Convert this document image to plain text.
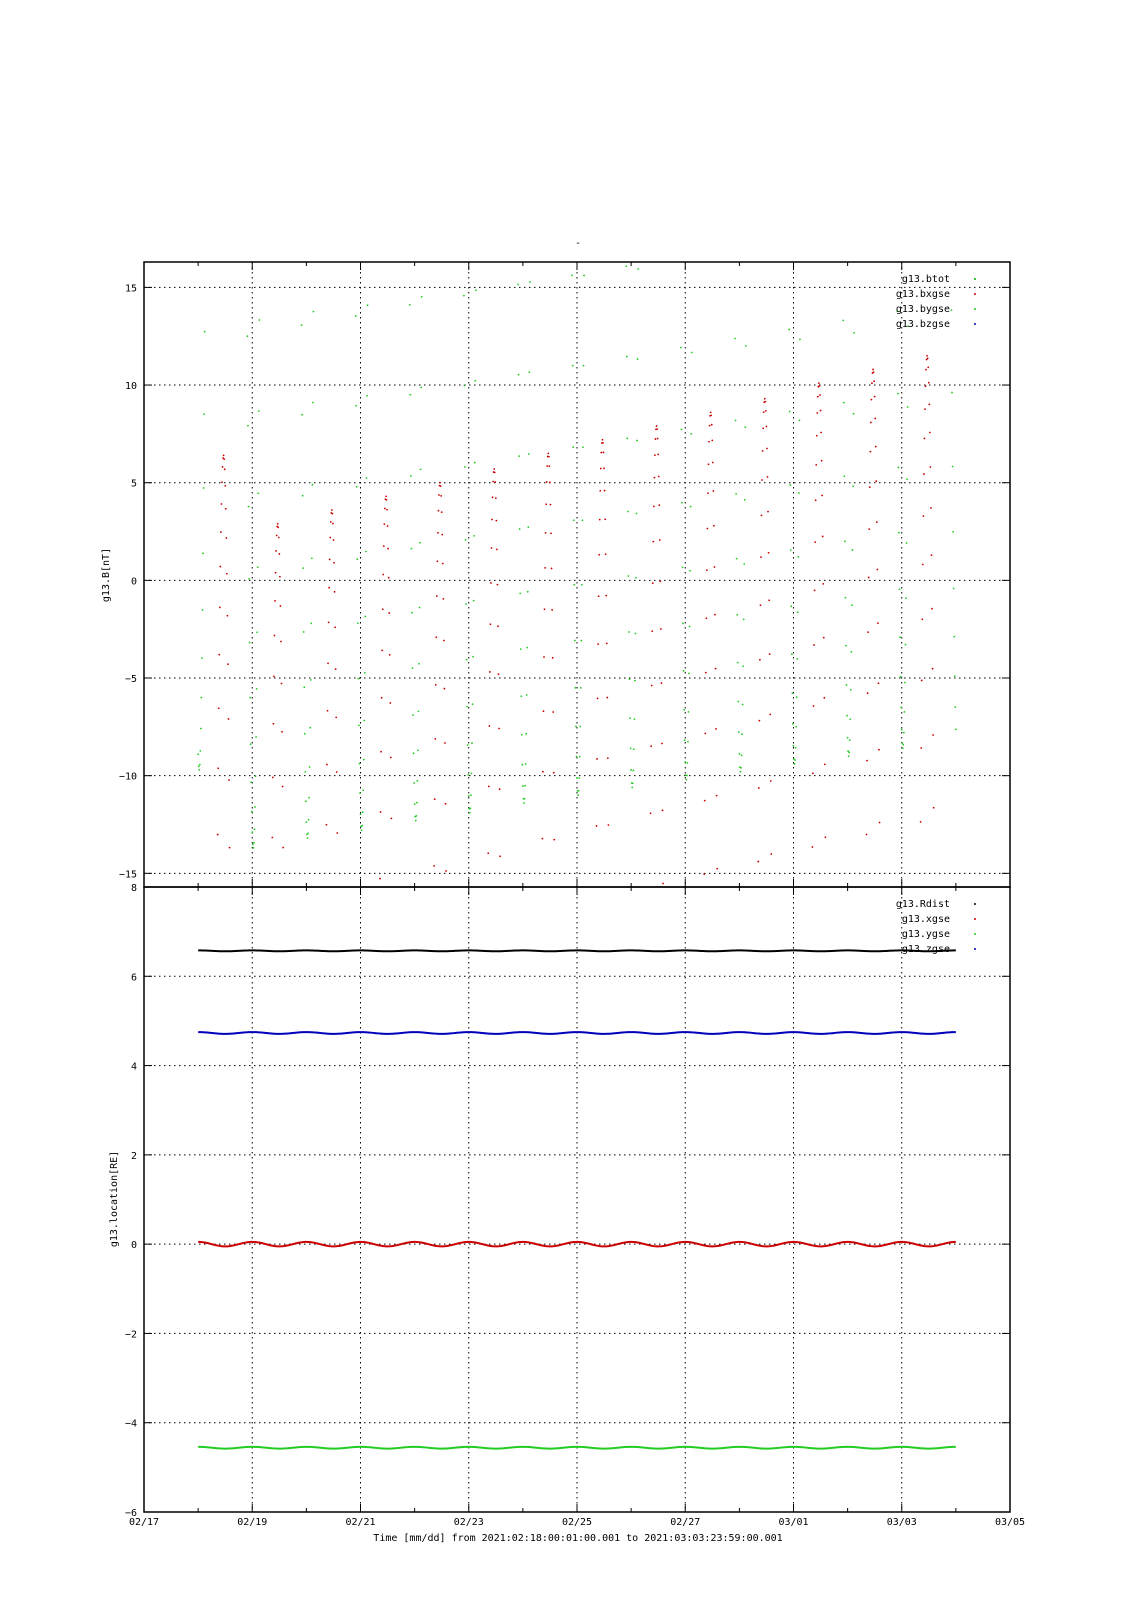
-
15
10
5
0
−5
−10
−15
g13.btot
g13.bxgse
g13.bygse
g13.bzgse
g13.B[nT]
8
6
4
2
0
−2
−4
−6
g13.Rdist
g13.xgse
g13.ygse
g13.zgse
g13.location[RE]
02/17	02/19	02/21	02/23	02/25	02/27	03/01	03/03	03/05
Time [mm/dd] from 2021:02:18:00:01:00.001 to 2021:03:03:23:59:00.001
